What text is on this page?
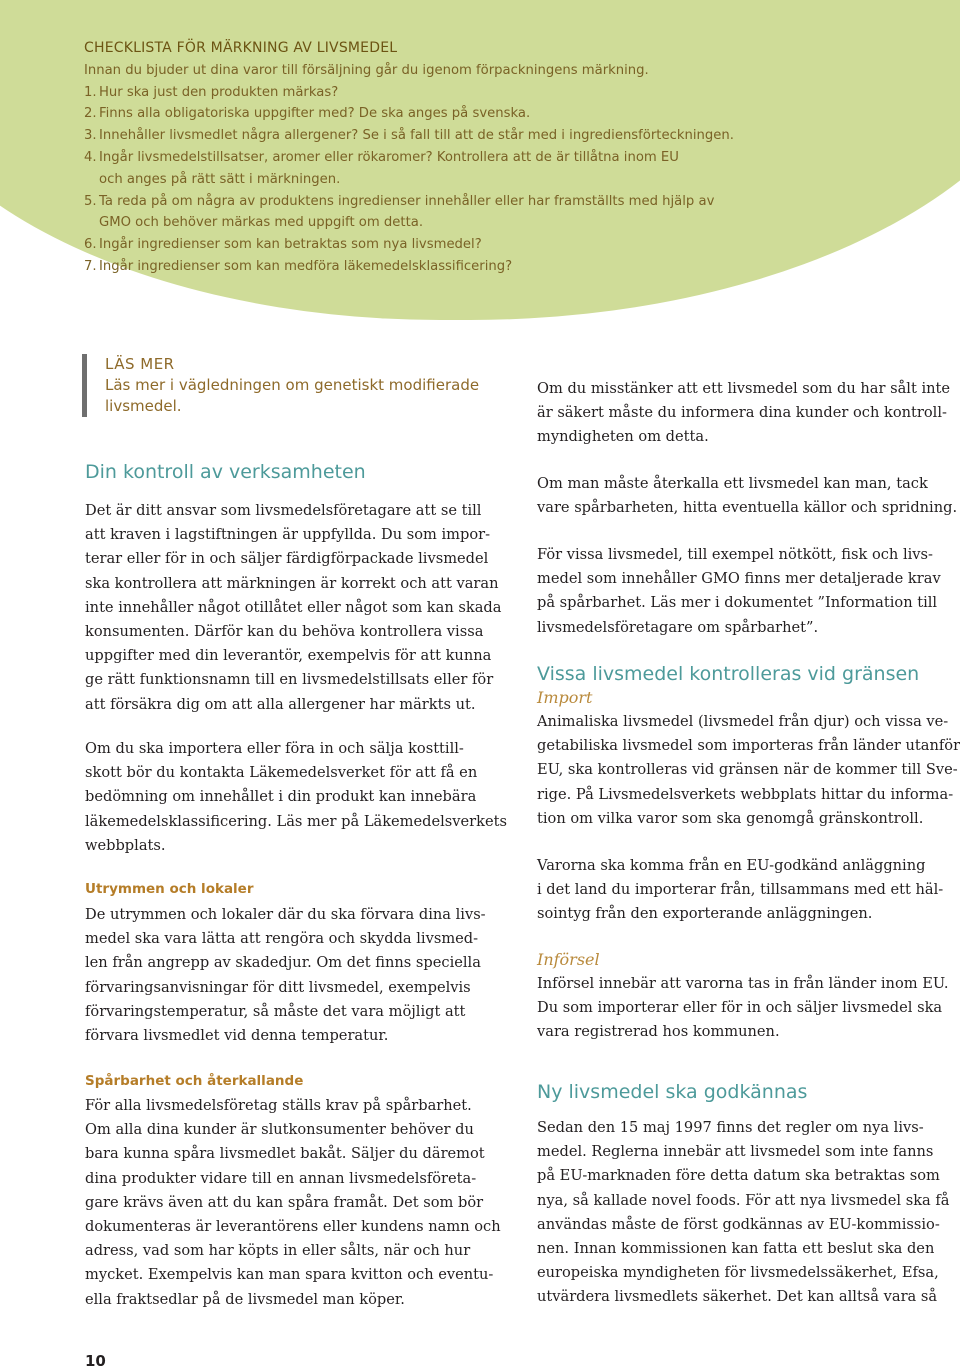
CHECKLISTA FÖR MÄRKNING AV LIVSMEDEL
Innan du bjuder ut dina varor till försäljning går du igenom förpackningens märkning.
1. Hur ska just den produkten märkas?
2. Finns alla obligatoriska uppgifter med? De ska anges på svenska.
3. Innehåller livsmedlet några allergener? Se i så fall till att de står med i ingrediensförteckningen.
4. Ingår livsmedelstillsatser, aromer eller rökaromer? Kontrollera att de är tillåtna inom EU
och anges på rätt sätt i märkningen.
5. Ta reda på om några av produktens ingredienser innehåller eller har framställts med hjälp av
GMO och behöver märkas med uppgift om detta.
6. Ingår ingredienser som kan betraktas som nya livsmedel?
7. Ingår ingredienser som kan medföra läkemedelsklassificering?
LÄS MER
Läs mer i vägledningen om genetiskt modifierade
livsmedel.
Din kontroll av verksamheten
Det är ditt ansvar som livsmedelsföretagare att se till
att kraven i lagstiftningen är uppfyllda. Du som impor-
terar eller för in och säljer färdigförpackade livsmedel
ska kontrollera att märkningen är korrekt och att varan
inte innehåller något otillåtet eller något som kan skada
konsumenten. Därför kan du behöva kontrollera vissa
uppgifter med din leverantör, exempelvis för att kunna
ge rätt funktionsnamn till en livsmedelstillsats eller för
att försäkra dig om att alla allergener har märkts ut.
Om du ska importera eller föra in och sälja kosttill-
skott bör du kontakta Läkemedelsverket för att få en
bedömning om innehållet i din produkt kan innebära
läkemedelsklassificering. Läs mer på Läkemedelsverkets
webbplats.
Utrymmen och lokaler
De utrymmen och lokaler där du ska förvara dina livs-
medel ska vara lätta att rengöra och skydda livsmed-
len från angrepp av skadedjur. Om det finns speciella
förvaringsanvisningar för ditt livsmedel, exempelvis
förvaringstemperatur, så måste det vara möjligt att
förvara livsmedlet vid denna temperatur.
Spårbarhet och återkallande
För alla livsmedelsföretag ställs krav på spårbarhet.
Om alla dina kunder är slutkonsumenter behöver du
bara kunna spåra livsmedlet bakåt. Säljer du däremot
dina produkter vidare till en annan livsmedelsföreta-
gare krävs även att du kan spåra framåt. Det som bör
dokumenteras är leverantörens eller kundens namn och
adress, vad som har köpts in eller sålts, när och hur
mycket. Exempelvis kan man spara kvitton och eventu-
ella fraktsedlar på de livsmedel man köper.
Om du misstänker att ett livsmedel som du har sålt inte
är säkert måste du informera dina kunder och kontroll-
myndigheten om detta.
Om man måste återkalla ett livsmedel kan man, tack
vare spårbarheten, hitta eventuella källor och spridning.
För vissa livsmedel, till exempel nötkött, fisk och livs-
medel som innehåller GMO finns mer detaljerade krav
på spårbarhet. Läs mer i dokumentet ”Information till
livsmedelsföretagare om spårbarhet”.
Vissa livsmedel kontrolleras vid gränsen
Import
Animaliska livsmedel (livsmedel från djur) och vissa ve-
getabiliska livsmedel som importeras från länder utanför
EU, ska kontrolleras vid gränsen när de kommer till Sve-
rige. På Livsmedelsverkets webbplats hittar du informa-
tion om vilka varor som ska genomgå gränskontroll.
Varorna ska komma från en EU-godkänd anläggning
i det land du importerar från, tillsammans med ett häl-
sointyg från den exporterande anläggningen.
Införsel
Införsel innebär att varorna tas in från länder inom EU.
Du som importerar eller för in och säljer livsmedel ska
vara registrerad hos kommunen.
Ny livsmedel ska godkännas
Sedan den 15 maj 1997 finns det regler om nya livs-
medel. Reglerna innebär att livsmedel som inte fanns
på EU-marknaden före detta datum ska betraktas som
nya, så kallade novel foods. För att nya livsmedel ska få
användas måste de först godkännas av EU-kommissio-
nen. Innan kommissionen kan fatta ett beslut ska den
europeiska myndigheten för livsmedelssäkerhet, Efsa,
utvärdera livsmedlets säkerhet. Det kan alltså vara så
10
